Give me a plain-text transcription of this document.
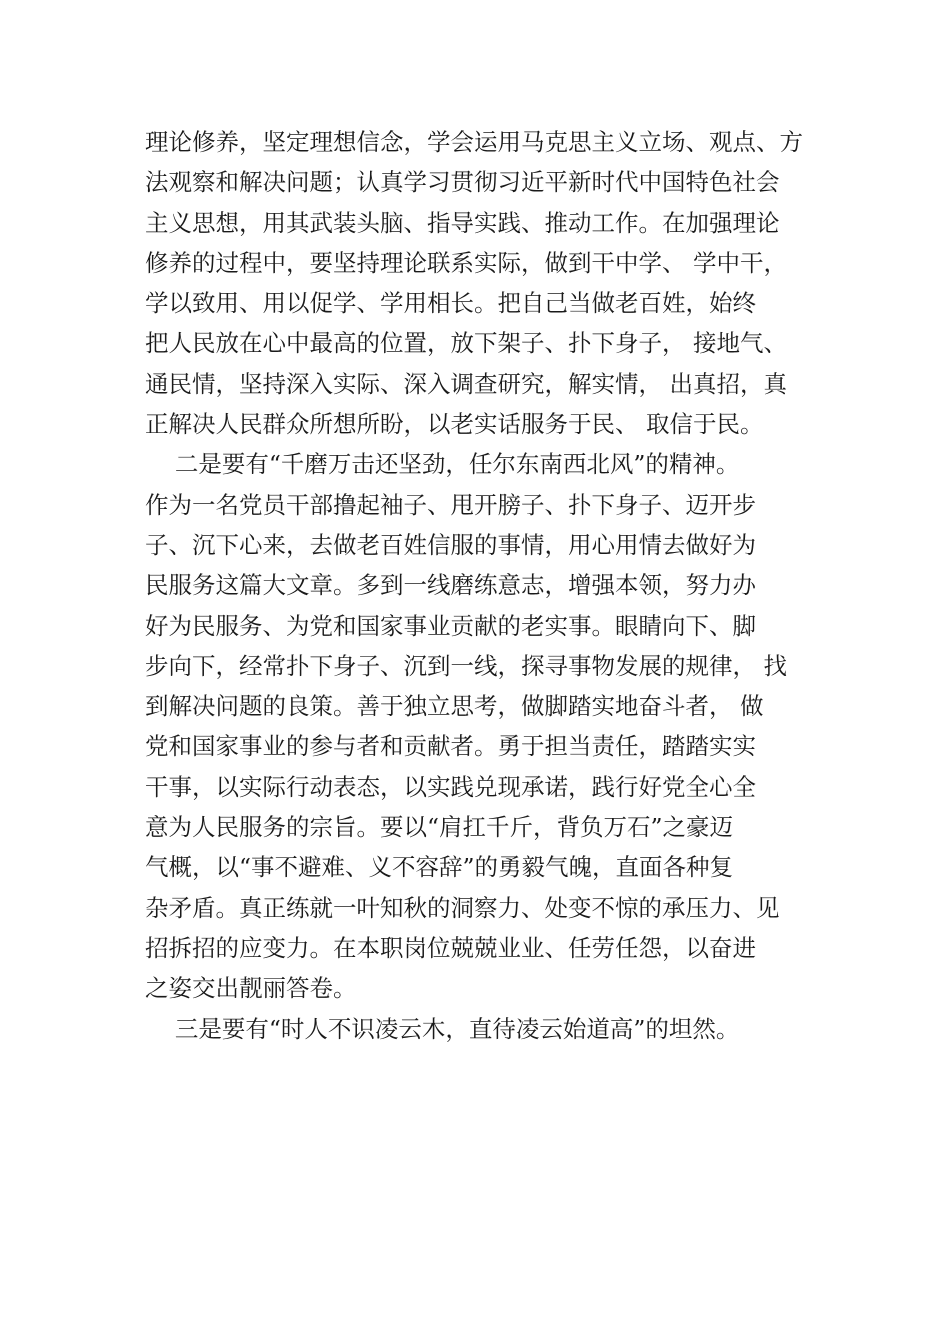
理论修养，坚定理想信念，学会运用马克思主义立场、观点、方
法观察和解决问题；认真学习贯彻习近平新时代中国特色社会
主义思想，用其武装头脑、指导实践、推动工作。在加强理论
修养的过程中，要坚持理论联系实际，做到干中学、 学中干，
学以致用、用以促学、学用相长。把自己当做老百姓，始终
把人民放在心中最高的位置，放下架子、扑下身子， 接地气、
通民情，坚持深入实际、深入调查研究，解实情， 出真招，真
正解决人民群众所想所盼，以老实话服务于民、 取信于民。
二是要有“千磨万击还坚劲，任尔东南西北风”的精神。
作为一名党员干部撸起袖子、甩开膀子、扑下身子、迈开步
子、沉下心来，去做老百姓信服的事情，用心用情去做好为
民服务这篇大文章。多到一线磨练意志，增强本领，努力办
好为民服务、为党和国家事业贡献的老实事。眼睛向下、脚
步向下，经常扑下身子、沉到一线，探寻事物发展的规律， 找
到解决问题的良策。善于独立思考，做脚踏实地奋斗者， 做
党和国家事业的参与者和贡献者。勇于担当责任，踏踏实实
干事，以实际行动表态，以实践兑现承诺，践行好党全心全
意为人民服务的宗旨。要以“肩扛千斤，背负万石”之豪迈
气概，以“事不避难、义不容辞”的勇毅气魄，直面各种复
杂矛盾。真正练就一叶知秋的洞察力、处变不惊的承压力、见
招拆招的应变力。在本职岗位兢兢业业、任劳任怨，以奋进
之姿交出靓丽答卷。
三是要有“时人不识凌云木，直待凌云始道高”的坦然。
